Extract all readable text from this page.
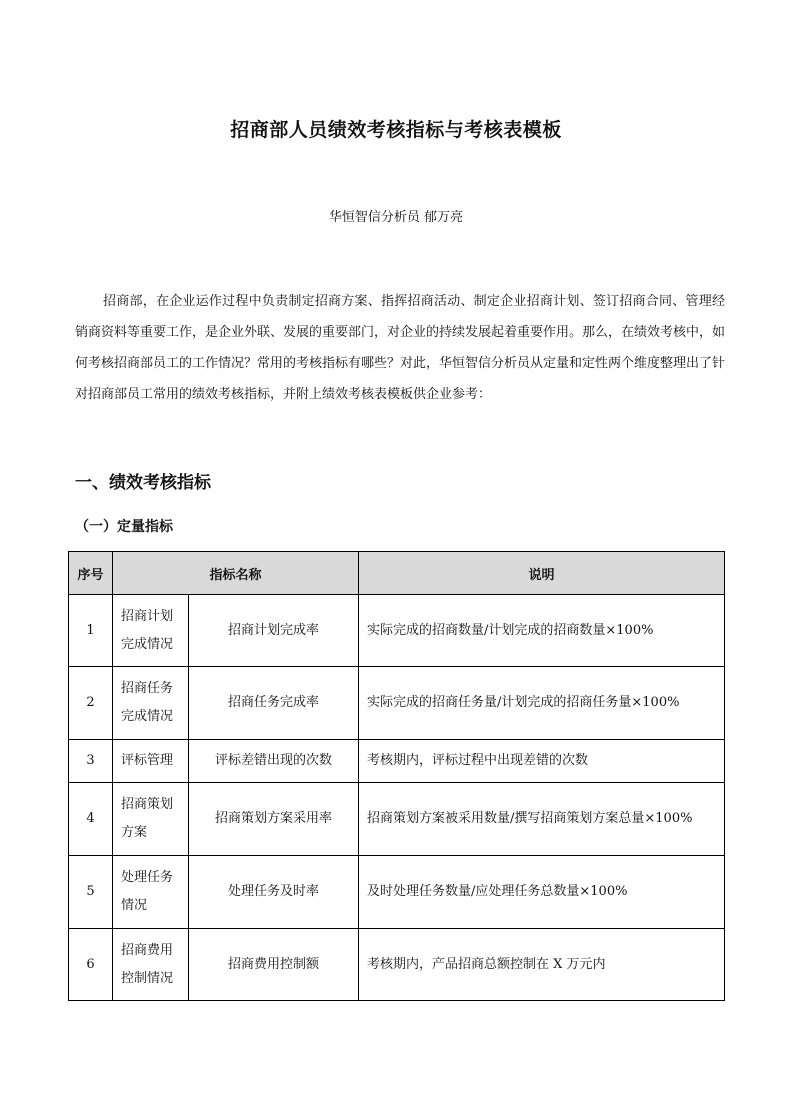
招商部人员绩效考核指标与考核表模板
华恒智信分析员 郁万亮

招商部，在企业运作过程中负责制定招商方案、指挥招商活动、制定企业招商计划、签订招商合同、管理经销商资料等重要工作，是企业外联、发展的重要部门，对企业的持续发展起着重要作用。那么，在绩效考核中，如何考核招商部员工的工作情况？常用的考核指标有哪些？对此，华恒智信分析员从定量和定性两个维度整理出了针对招商部员工常用的绩效考核指标，并附上绩效考核表模板供企业参考：

一、绩效考核指标
（一）定量指标
序号	指标名称		说明
1	招商计划完成情况	招商计划完成率	实际完成的招商数量/计划完成的招商数量×100%
2	招商任务完成情况	招商任务完成率	实际完成的招商任务量/计划完成的招商任务量×100%
3	评标管理	评标差错出现的次数	考核期内，评标过程中出现差错的次数
4	招商策划方案	招商策划方案采用率	招商策划方案被采用数量/撰写招商策划方案总量×100%
5	处理任务情况	处理任务及时率	及时处理任务数量/应处理任务总数量×100%
6	招商费用控制情况	招商费用控制额	考核期内，产品招商总额控制在 X 万元内
